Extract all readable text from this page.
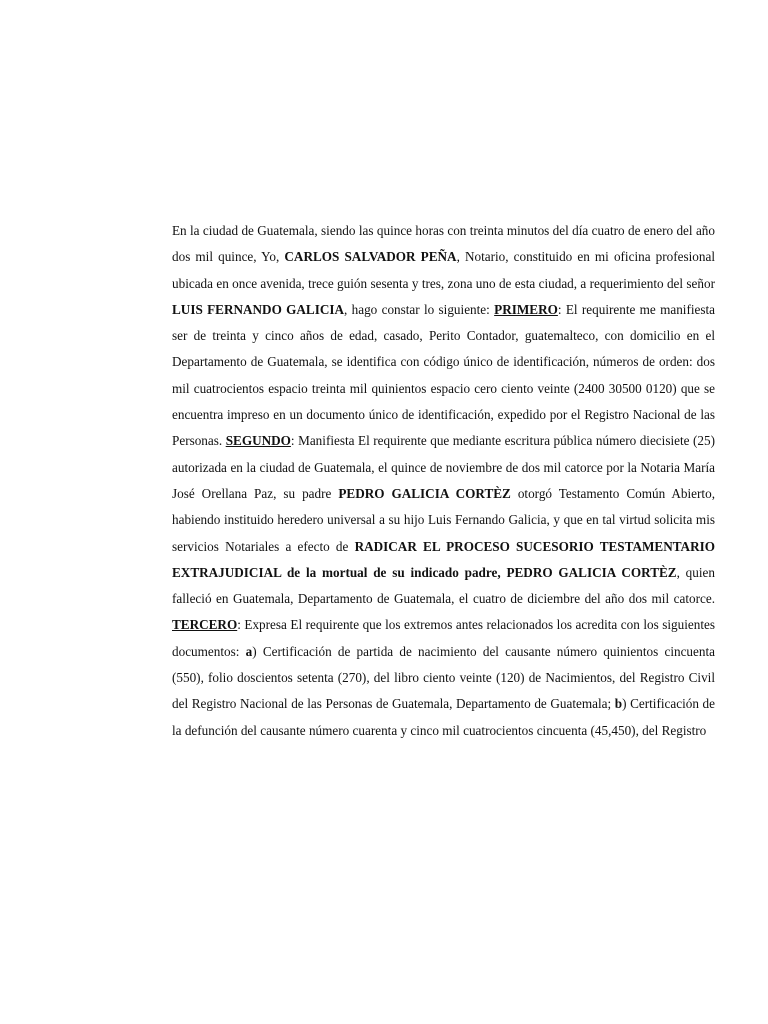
En la ciudad de Guatemala, siendo las quince horas con treinta minutos del día cuatro de enero del año dos mil quince, Yo, CARLOS SALVADOR PEÑA, Notario, constituido en mi oficina profesional ubicada en once avenida, trece guión sesenta y tres, zona uno de esta ciudad, a requerimiento del señor LUIS FERNANDO GALICIA, hago constar lo siguiente: PRIMERO: El requirente me manifiesta ser de treinta y cinco años de edad, casado, Perito Contador, guatemalteco, con domicilio en el Departamento de Guatemala, se identifica con código único de identificación, números de orden: dos mil cuatrocientos espacio treinta mil quinientos espacio cero ciento veinte (2400 30500 0120) que se encuentra impreso en un documento único de identificación, expedido por el Registro Nacional de las Personas. SEGUNDO: Manifiesta El requirente que mediante escritura pública número diecisiete (25) autorizada en la ciudad de Guatemala, el quince de noviembre de dos mil catorce por la Notaria María José Orellana Paz, su padre PEDRO GALICIA CORTÈZ otorgó Testamento Común Abierto, habiendo instituido heredero universal a su hijo Luis Fernando Galicia, y que en tal virtud solicita mis servicios Notariales a efecto de RADICAR EL PROCESO SUCESORIO TESTAMENTARIO EXTRAJUDICIAL de la mortual de su indicado padre, PEDRO GALICIA CORTÈZ, quien falleció en Guatemala, Departamento de Guatemala, el cuatro de diciembre del año dos mil catorce. TERCERO: Expresa El requirente que los extremos antes relacionados los acredita con los siguientes documentos: a) Certificación de partida de nacimiento del causante número quinientos cincuenta (550), folio doscientos setenta (270), del libro ciento veinte (120) de Nacimientos, del Registro Civil del Registro Nacional de las Personas de Guatemala, Departamento de Guatemala; b) Certificación de la defunción del causante número cuarenta y cinco mil cuatrocientos cincuenta (45,450), del Registro
